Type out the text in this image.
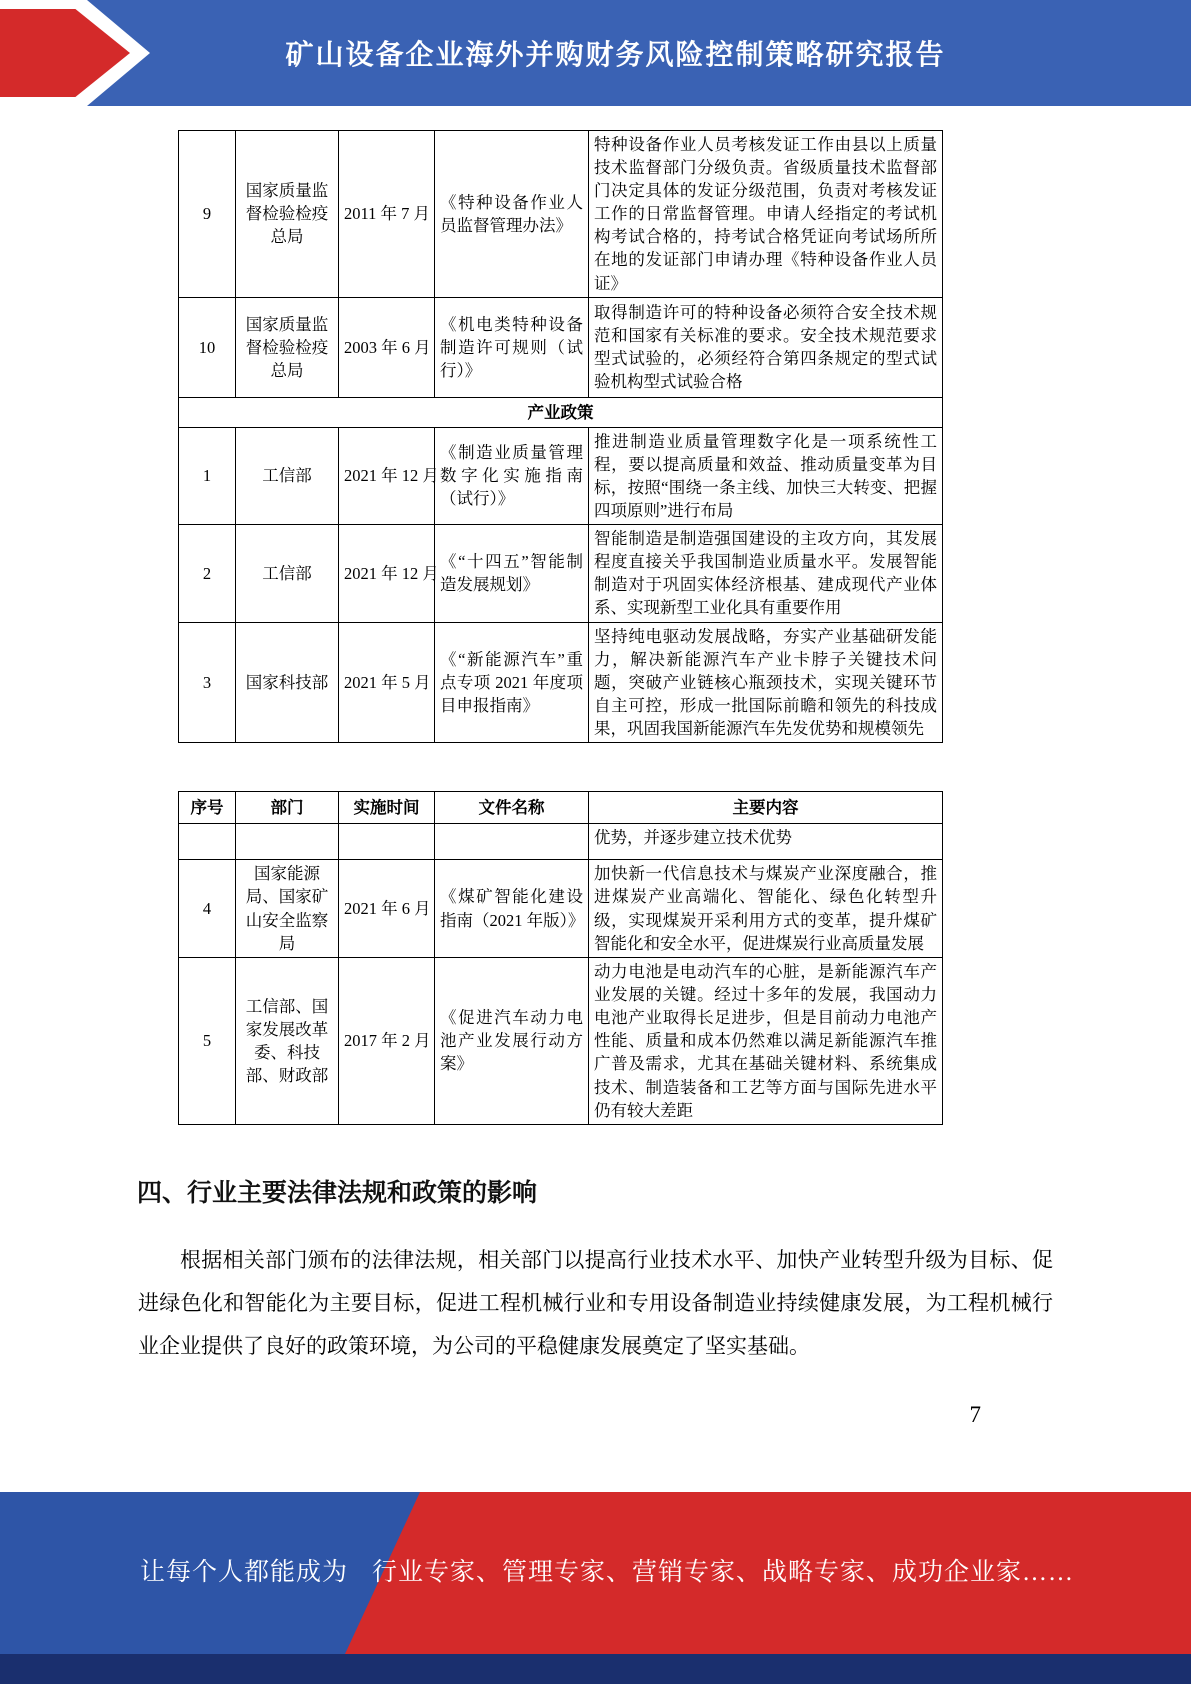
矿山设备企业海外并购财务风险控制策略研究报告
9	国家质量监督检验检疫总局	2011 年 7 月	《特种设备作业人员监督管理办法》	特种设备作业人员考核发证工作由县以上质量技术监督部门分级负责。省级质量技术监督部门决定具体的发证分级范围，负责对考核发证工作的日常监督管理。申请人经指定的考试机构考试合格的，持考试合格凭证向考试场所所在地的发证部门申请办理《特种设备作业人员证》
10	国家质量监督检验检疫总局	2003 年 6 月	《机电类特种设备制造许可规则（试行）》	取得制造许可的特种设备必须符合安全技术规范和国家有关标准的要求。安全技术规范要求型式试验的，必须经符合第四条规定的型式试验机构型式试验合格
产业政策				
1	工信部	2021 年 12 月	《制造业质量管理数字化实施指南（试行）》	推进制造业质量管理数字化是一项系统性工程，要以提高质量和效益、推动质量变革为目标，按照“围绕一条主线、加快三大转变、把握四项原则”进行布局
2	工信部	2021 年 12 月	《“十四五”智能制造发展规划》	智能制造是制造强国建设的主攻方向，其发展程度直接关乎我国制造业质量水平。发展智能制造对于巩固实体经济根基、建成现代产业体系、实现新型工业化具有重要作用
3	国家科技部	2021 年 5 月	《“新能源汽车”重点专项 2021 年度项目申报指南》	坚持纯电驱动发展战略，夯实产业基础研发能力，解决新能源汽车产业卡脖子关键技术问题，突破产业链核心瓶颈技术，实现关键环节自主可控，形成一批国际前瞻和领先的科技成果，巩固我国新能源汽车先发优势和规模领先
序号	部门	实施时间	文件名称	主要内容
				优势，并逐步建立技术优势
4	国家能源局、国家矿山安全监察局	2021 年 6 月	《煤矿智能化建设指南（2021 年版）》	加快新一代信息技术与煤炭产业深度融合，推进煤炭产业高端化、智能化、绿色化转型升级，实现煤炭开采利用方式的变革，提升煤矿智能化和安全水平，促进煤炭行业高质量发展
5	工信部、国家发展改革委、科技部、财政部	2017 年 2 月	《促进汽车动力电池产业发展行动方案》	动力电池是电动汽车的心脏，是新能源汽车产业发展的关键。经过十多年的发展，我国动力电池产业取得长足进步，但是目前动力电池产性能、质量和成本仍然难以满足新能源汽车推广普及需求，尤其在基础关键材料、系统集成技术、制造装备和工艺等方面与国际先进水平仍有较大差距
四、行业主要法律法规和政策的影响

根据相关部门颁布的法律法规，相关部门以提高行业技术水平、加快产业转型升级为目标、促进绿色化和智能化为主要目标，促进工程机械行业和专用设备制造业持续健康发展，为工程机械行业企业提供了良好的政策环境，为公司的平稳健康发展奠定了坚实基础。

7
让每个人都能成为 行业专家、管理专家、营销专家、战略专家、成功企业家……
